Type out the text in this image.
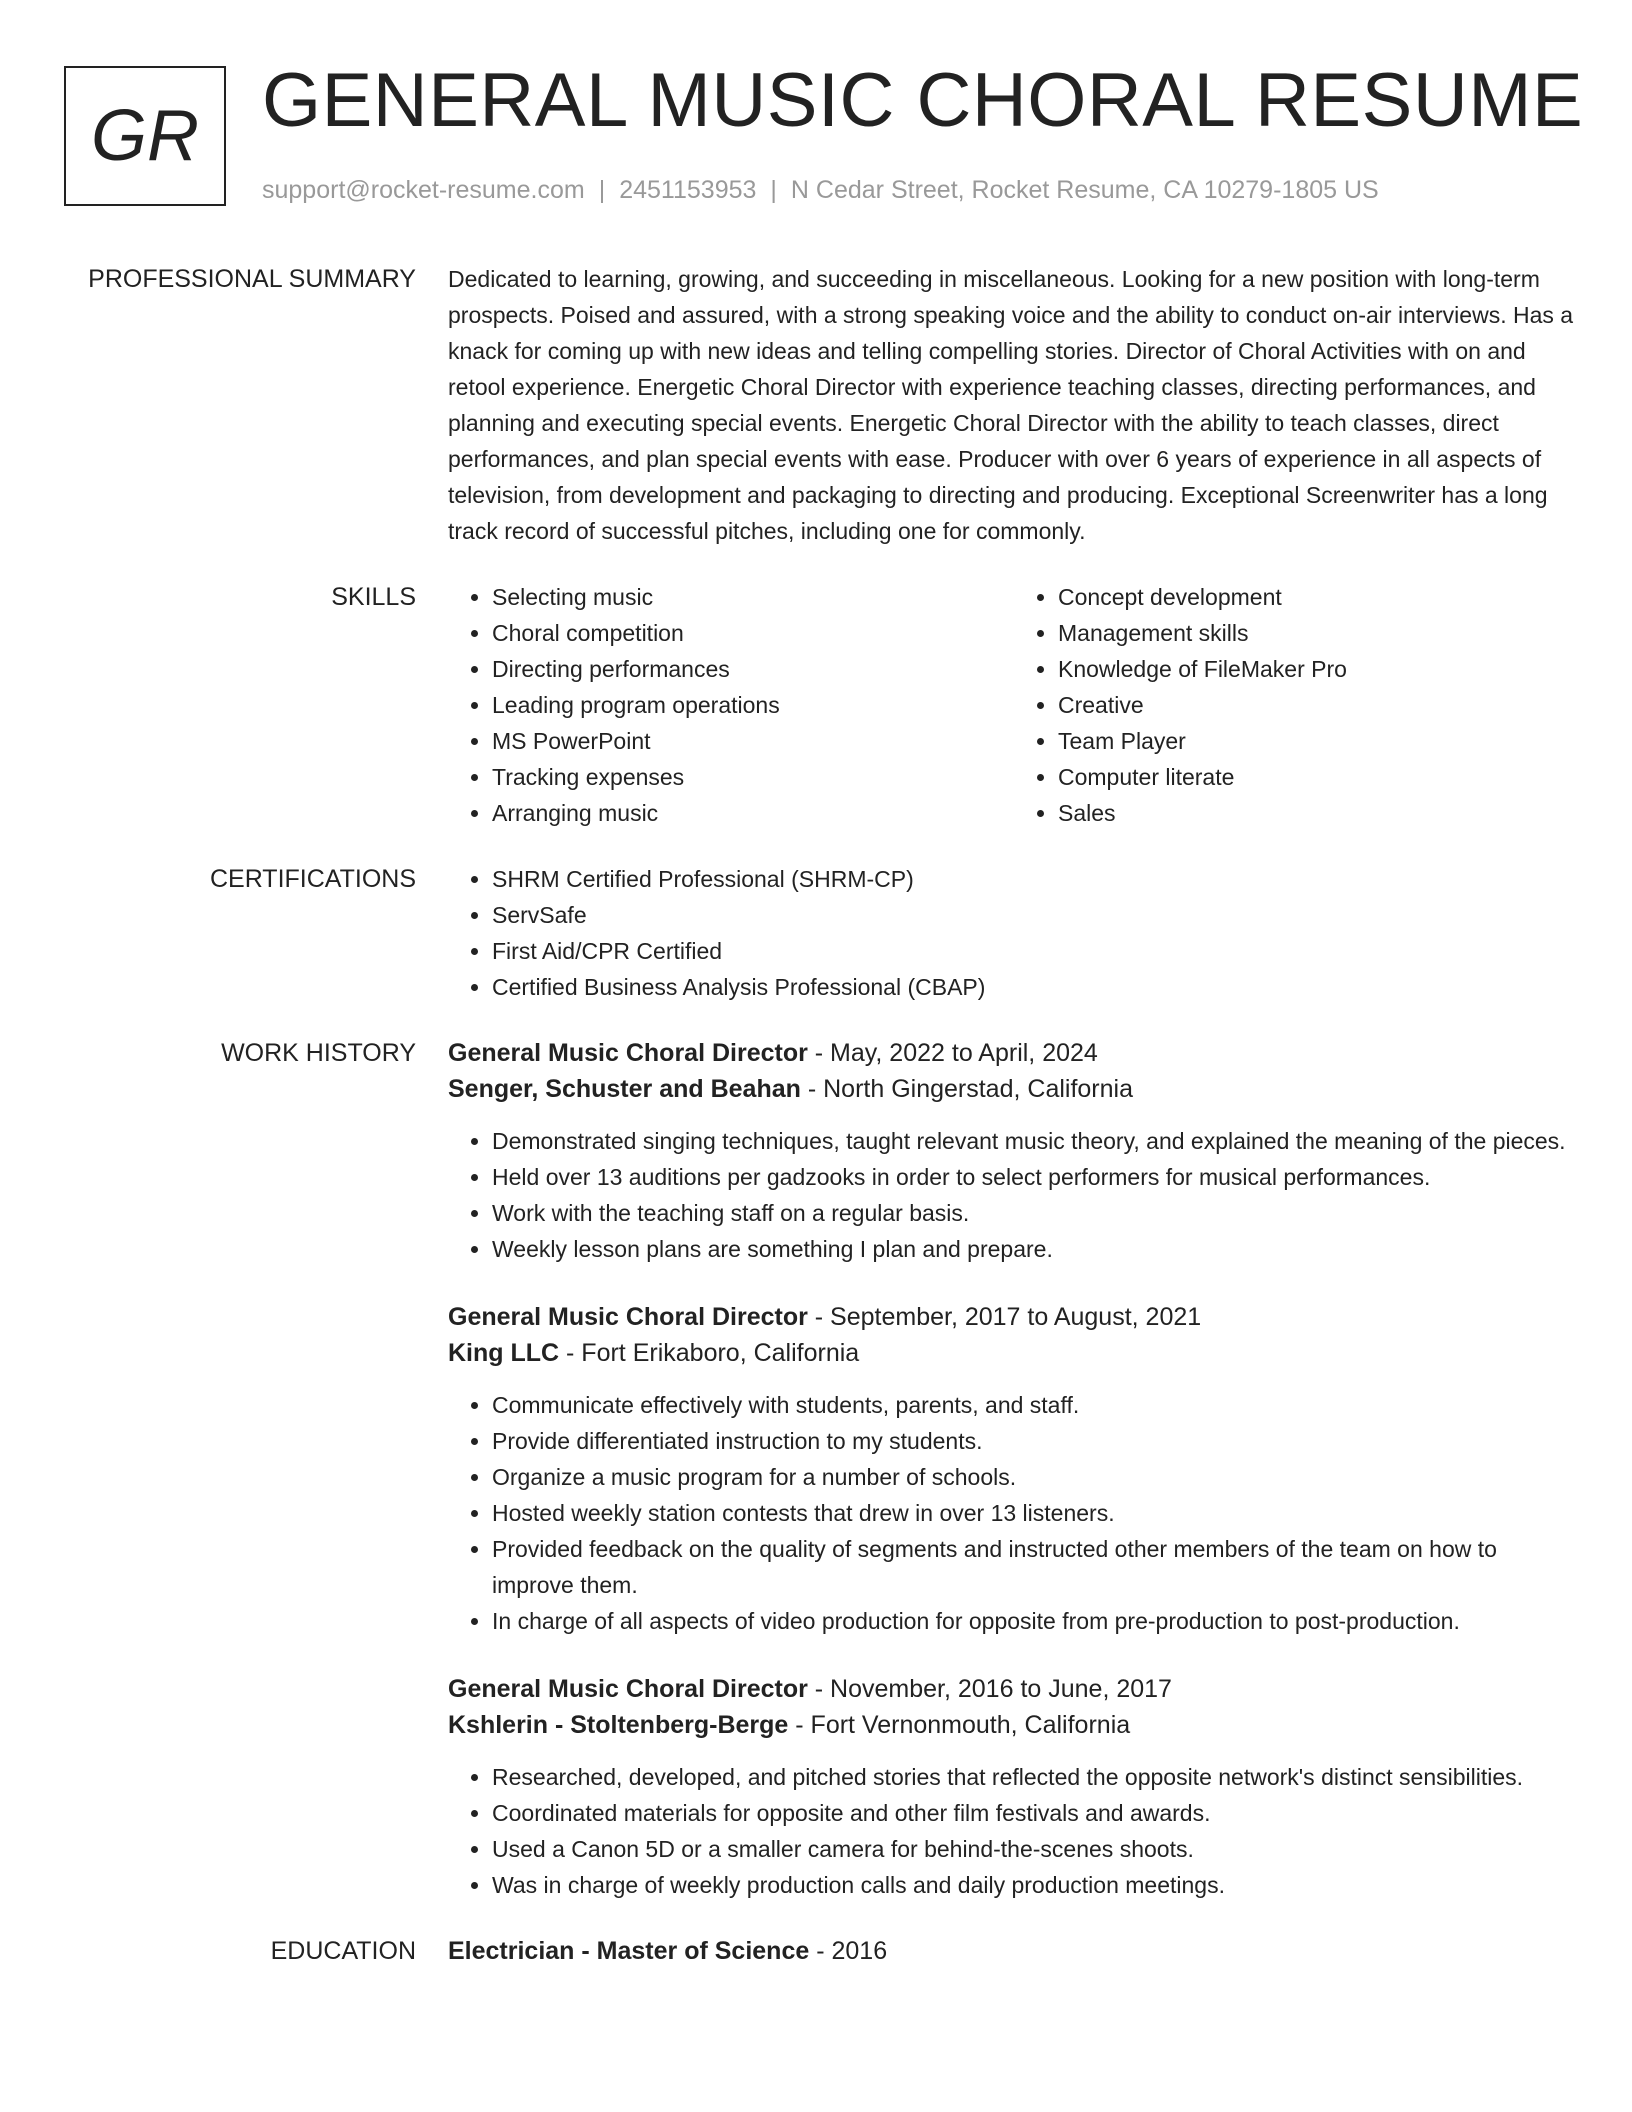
GR GENERAL MUSIC CHORAL RESUME
support@rocket-resume.com | 2451153953 | N Cedar Street, Rocket Resume, CA 10279-1805 US
PROFESSIONAL SUMMARY Dedicated to learning, growing, and succeeding in miscellaneous. Looking for a new position with long-term prospects. Poised and assured, with a strong speaking voice and the ability to conduct on-air interviews. Has a knack for coming up with new ideas and telling compelling stories. Director of Choral Activities with on and retool experience. Energetic Choral Director with experience teaching classes, directing performances, and planning and executing special events. Energetic Choral Director with the ability to teach classes, direct performances, and plan special events with ease. Producer with over 6 years of experience in all aspects of television, from development and packaging to directing and producing. Exceptional Screenwriter has a long track record of successful pitches, including one for commonly.

SKILLS	• Selecting music
• Choral competition
• Directing performances
• Leading program operations
• MS PowerPoint
• Tracking expenses
• Arranging music
• Concept development
• Management skills
• Knowledge of FileMaker Pro
• Creative
• Team Player
• Computer literate
• Sales
CERTIFICATIONS	• SHRM Certified Professional (SHRM-CP)
• ServSafe
• First Aid/CPR Certified
• Certified Business Analysis Professional (CBAP)
WORK HISTORY General Music Choral Director - May, 2022 to April, 2024
Senger, Schuster and Beahan - North Gingerstad, California
• Demonstrated singing techniques, taught relevant music theory, and explained the meaning of the pieces.
• Held over 13 auditions per gadzooks in order to select performers for musical performances.
• Work with the teaching staff on a regular basis.
• Weekly lesson plans are something I plan and prepare.
General Music Choral Director - September, 2017 to August, 2021
King LLC - Fort Erikaboro, California
• Communicate effectively with students, parents, and staff.
• Provide differentiated instruction to my students.
• Organize a music program for a number of schools.
• Hosted weekly station contests that drew in over 13 listeners.
• Provided feedback on the quality of segments and instructed other members of the team on how to improve them.
• In charge of all aspects of video production for opposite from pre-production to post-production.
General Music Choral Director - November, 2016 to June, 2017
Kshlerin - Stoltenberg-Berge - Fort Vernonmouth, California
• Researched, developed, and pitched stories that reflected the opposite network's distinct sensibilities.
• Coordinated materials for opposite and other film festivals and awards.
• Used a Canon 5D or a smaller camera for behind-the-scenes shoots.
• Was in charge of weekly production calls and daily production meetings.
EDUCATION Electrician - Master of Science - 2016
